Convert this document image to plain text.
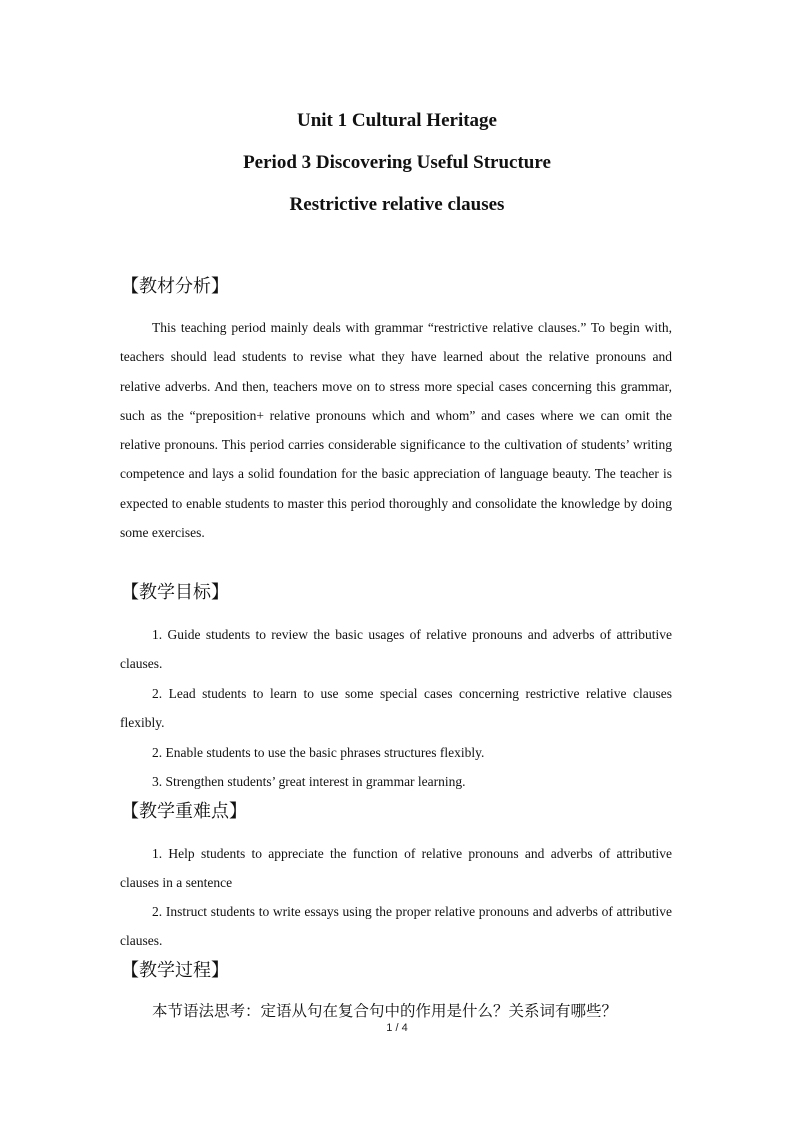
Unit 1 Cultural Heritage
Period 3 Discovering Useful Structure
Restrictive relative clauses
【教材分析】

This teaching period mainly deals with grammar “restrictive relative clauses.” To begin with, teachers should lead students to revise what they have learned about the relative pronouns and relative adverbs. And then, teachers move on to stress more special cases concerning this grammar, such as the “preposition+ relative pronouns which and whom” and cases where we can omit the relative pronouns. This period carries considerable significance to the cultivation of students’ writing competence and lays a solid foundation for the basic appreciation of language beauty. The teacher is expected to enable students to master this period thoroughly and consolidate the knowledge by doing some exercises.

【教学目标】

1. Guide students to review the basic usages of relative pronouns and adverbs of attributive clauses.

2. Lead students to learn to use some special cases concerning restrictive relative clauses flexibly.

2. Enable students to use the basic phrases structures flexibly.

3. Strengthen students’ great interest in grammar learning.

【教学重难点】

1. Help students to appreciate the function of relative pronouns and adverbs of attributive clauses in a sentence

2. Instruct students to write essays using the proper relative pronouns and adverbs of attributive clauses.

【教学过程】
本节语法思考：定语从句在复合句中的作用是什么？关系词有哪些？
1 / 4
